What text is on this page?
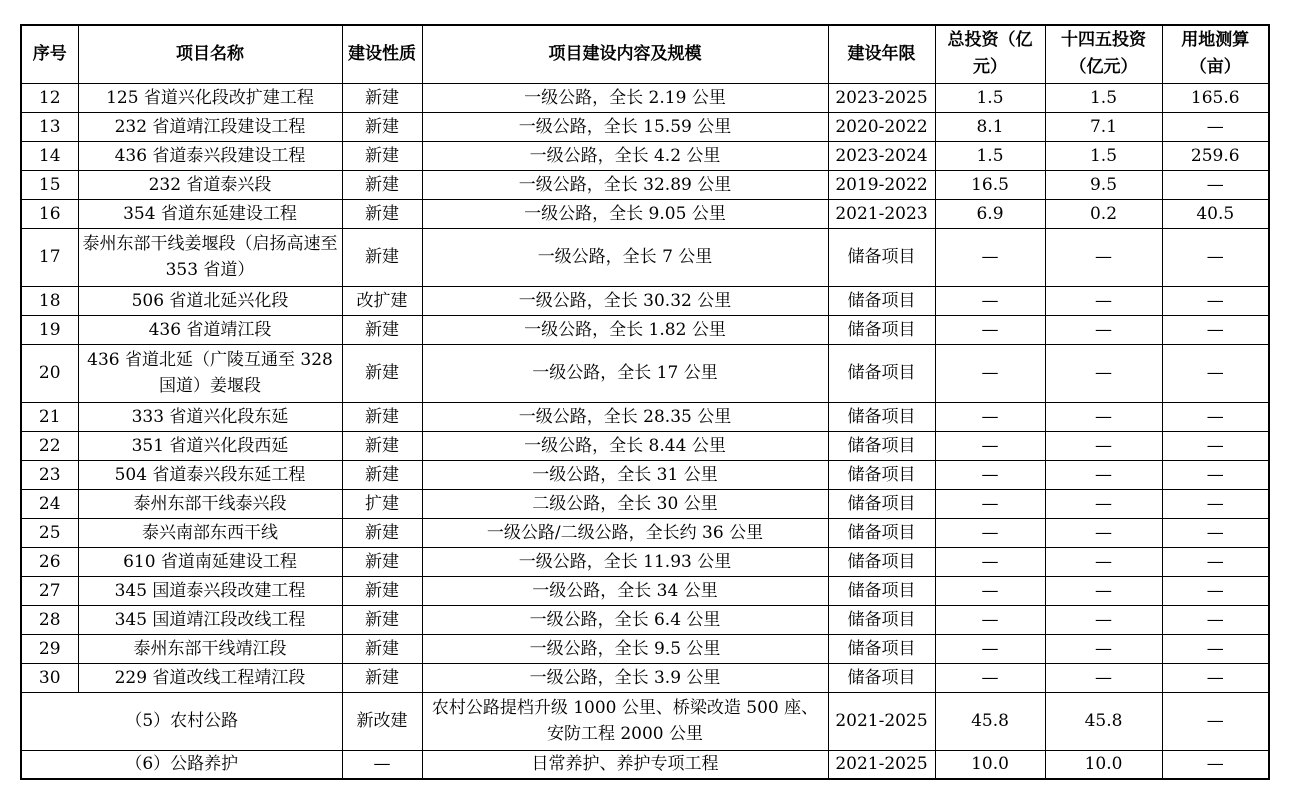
序号	项目名称	建设性质	项目建设内容及规模	建设年限	总投资（亿元）	十四五投资（亿元）	用地测算（亩）
12	125 省道兴化段改扩建工程	新建	一级公路，全长 2.19 公里	2023-2025	1.5	1.5	165.6
13	232 省道靖江段建设工程	新建	一级公路，全长 15.59 公里	2020-2022	8.1	7.1	—
14	436 省道泰兴段建设工程	新建	一级公路，全长 4.2 公里	2023-2024	1.5	1.5	259.6
15	232 省道泰兴段	新建	一级公路，全长 32.89 公里	2019-2022	16.5	9.5	—
16	354 省道东延建设工程	新建	一级公路，全长 9.05 公里	2021-2023	6.9	0.2	40.5
17	泰州东部干线姜堰段（启扬高速至 353 省道）	新建	一级公路，全长 7 公里	储备项目	—	—	—
18	506 省道北延兴化段	改扩建	一级公路，全长 30.32 公里	储备项目	—	—	—
19	436 省道靖江段	新建	一级公路，全长 1.82 公里	储备项目	—	—	—
20	436 省道北延（广陵互通至 328 国道）姜堰段	新建	一级公路，全长 17 公里	储备项目	—	—	—
21	333 省道兴化段东延	新建	一级公路，全长 28.35 公里	储备项目	—	—	—
22	351 省道兴化段西延	新建	一级公路，全长 8.44 公里	储备项目	—	—	—
23	504 省道泰兴段东延工程	新建	一级公路，全长 31 公里	储备项目	—	—	—
24	泰州东部干线泰兴段	扩建	二级公路，全长 30 公里	储备项目	—	—	—
25	泰兴南部东西干线	新建	一级公路/二级公路，全长约 36 公里	储备项目	—	—	—
26	610 省道南延建设工程	新建	一级公路，全长 11.93 公里	储备项目	—	—	—
27	345 国道泰兴段改建工程	新建	一级公路，全长 34 公里	储备项目	—	—	—
28	345 国道靖江段改线工程	新建	一级公路，全长 6.4 公里	储备项目	—	—	—
29	泰州东部干线靖江段	新建	一级公路，全长 9.5 公里	储备项目	—	—	—
30	229 省道改线工程靖江段	新建	一级公路，全长 3.9 公里	储备项目	—	—	—
（5）农村公路		新改建	农村公路提档升级 1000 公里、桥梁改造 500 座、安防工程 2000 公里	2021-2025	45.8	45.8	—
（6）公路养护		—	日常养护、养护专项工程	2021-2025	10.0	10.0	—
